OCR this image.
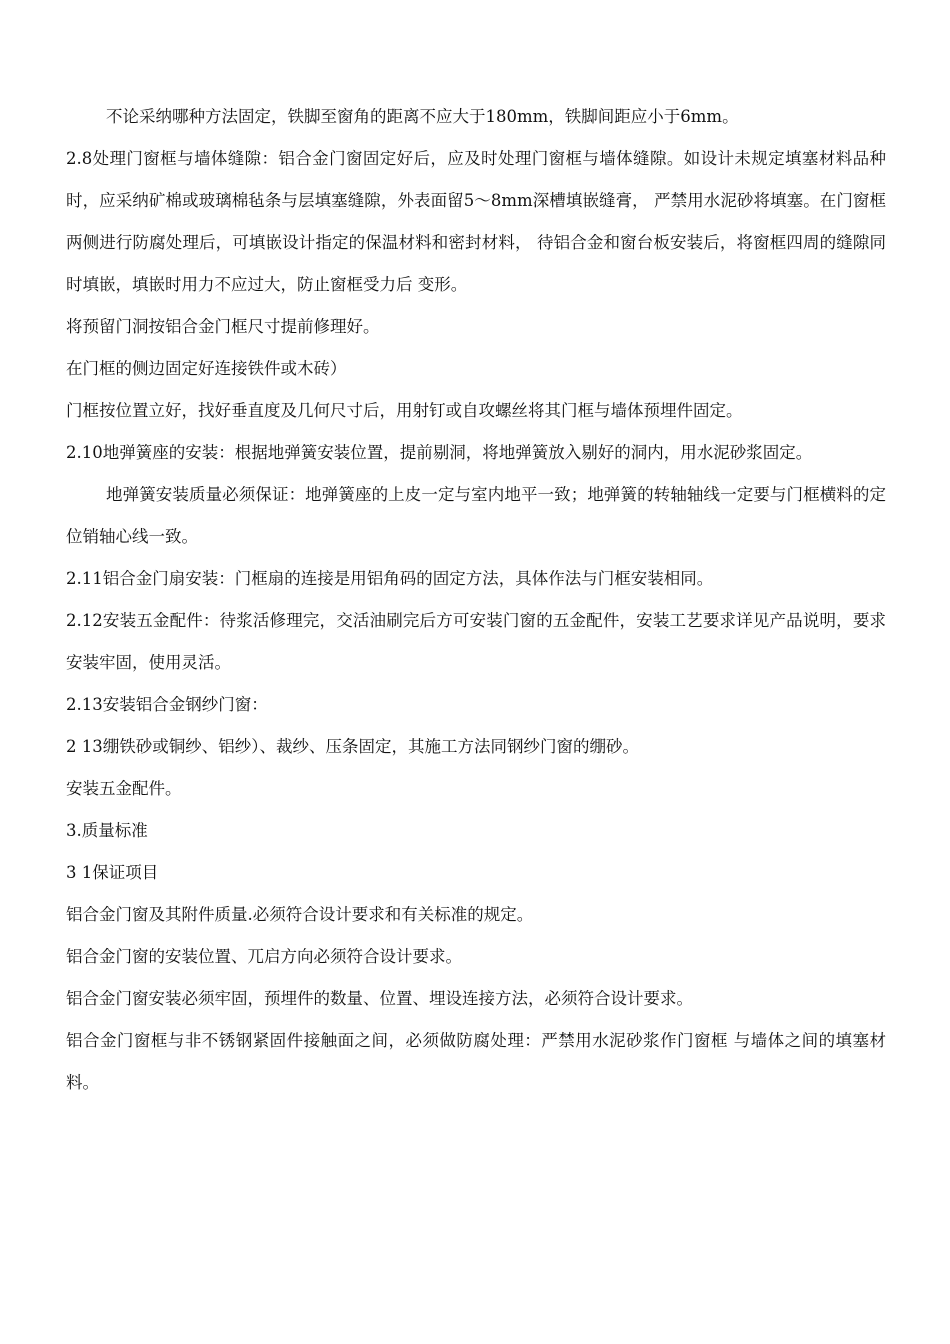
不论采纳哪种方法固定，铁脚至窗角的距离不应大于180mm，铁脚间距应小于6mm。

2.8处理门窗框与墙体缝隙：铝合金门窗固定好后，应及时处理门窗框与墙体缝隙。如设计未规定填塞材料品种时，应采纳矿棉或玻璃棉毡条与层填塞缝隙，外表面留5〜8mm深槽填嵌缝膏， 严禁用水泥砂将填塞。在门窗框两侧进行防腐处理后，可填嵌设计指定的保温材料和密封材料， 待铝合金和窗台板安装后，将窗框四周的缝隙同时填嵌，填嵌时用力不应过大，防止窗框受力后 变形。

将预留门洞按铝合金门框尺寸提前修理好。

在门框的侧边固定好连接铁件或木砖）

门框按位置立好，找好垂直度及几何尺寸后，用射钉或自攻螺丝将其门框与墙体预埋件固定。

2.10地弹簧座的安装：根据地弹簧安装位置，提前剔洞，将地弹簧放入剔好的洞内，用水泥砂浆固定。

地弹簧安装质量必须保证：地弹簧座的上皮一定与室内地平一致；地弹簧的转轴轴线一定要与门框横料的定位销轴心线一致。

2.11铝合金门扇安装：门框扇的连接是用铝角码的固定方法，具体作法与门框安装相同。

2.12安装五金配件：待浆活修理完，交活油刷完后方可安装门窗的五金配件，安装工艺要求详见产品说明，要求安装牢固，使用灵活。

2.13安装铝合金钢纱门窗：

2 13绷铁砂或铜纱、铝纱）、裁纱、压条固定，其施工方法同钢纱门窗的绷砂。

安装五金配件。

3.质量标准

3 1保证项目

铝合金门窗及其附件质量.必须符合设计要求和有关标准的规定。

铝合金门窗的安装位置、兀启方向必须符合设计要求。

铝合金门窗安装必须牢固，预埋件的数量、位置、埋设连接方法，必须符合设计要求。

铝合金门窗框与非不锈钢紧固件接触面之间，必须做防腐处理：严禁用水泥砂浆作门窗框 与墙体之间的填塞材料。
